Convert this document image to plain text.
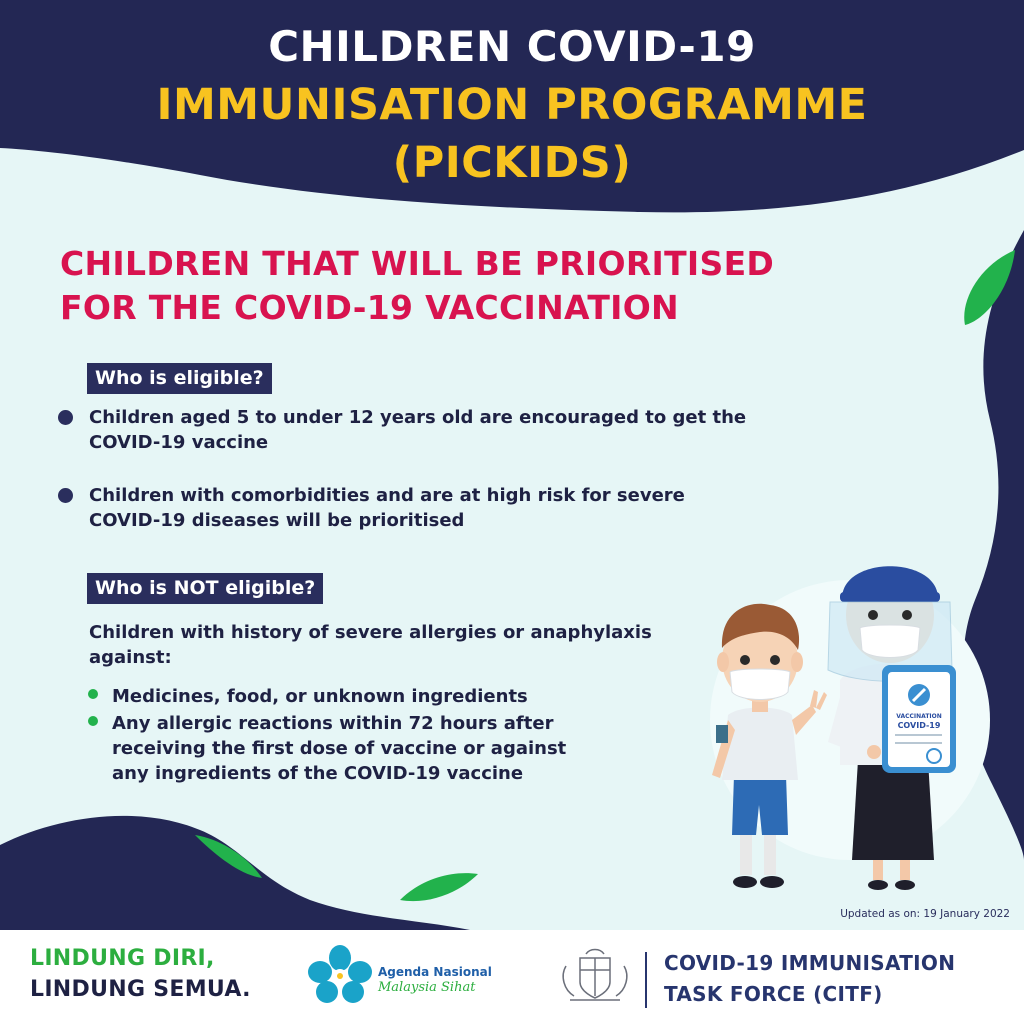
CHILDREN COVID-19
IMMUNISATION PROGRAMME
(PICKIDS)
CHILDREN THAT WILL BE PRIORITISED
FOR THE COVID-19 VACCINATION
Who is eligible?
Children aged 5 to under 12 years old are encouraged to get the
COVID-19 vaccine
Children with comorbidities and are at high risk for severe
COVID-19 diseases will be prioritised
Who is NOT eligible?
Children with history of severe allergies or anaphylaxis
against:
Medicines, food, or unknown ingredients
Any allergic reactions within 72 hours after
receiving the first dose of vaccine or against
any ingredients of the COVID-19 vaccine
VACCINATION
COVID-19
Updated as on: 19 January 2022
LINDUNG DIRI,
LINDUNG SEMUA.
Agenda Nasional
Malaysia Sihat
COVID-19 IMMUNISATION
TASK FORCE (CITF)
